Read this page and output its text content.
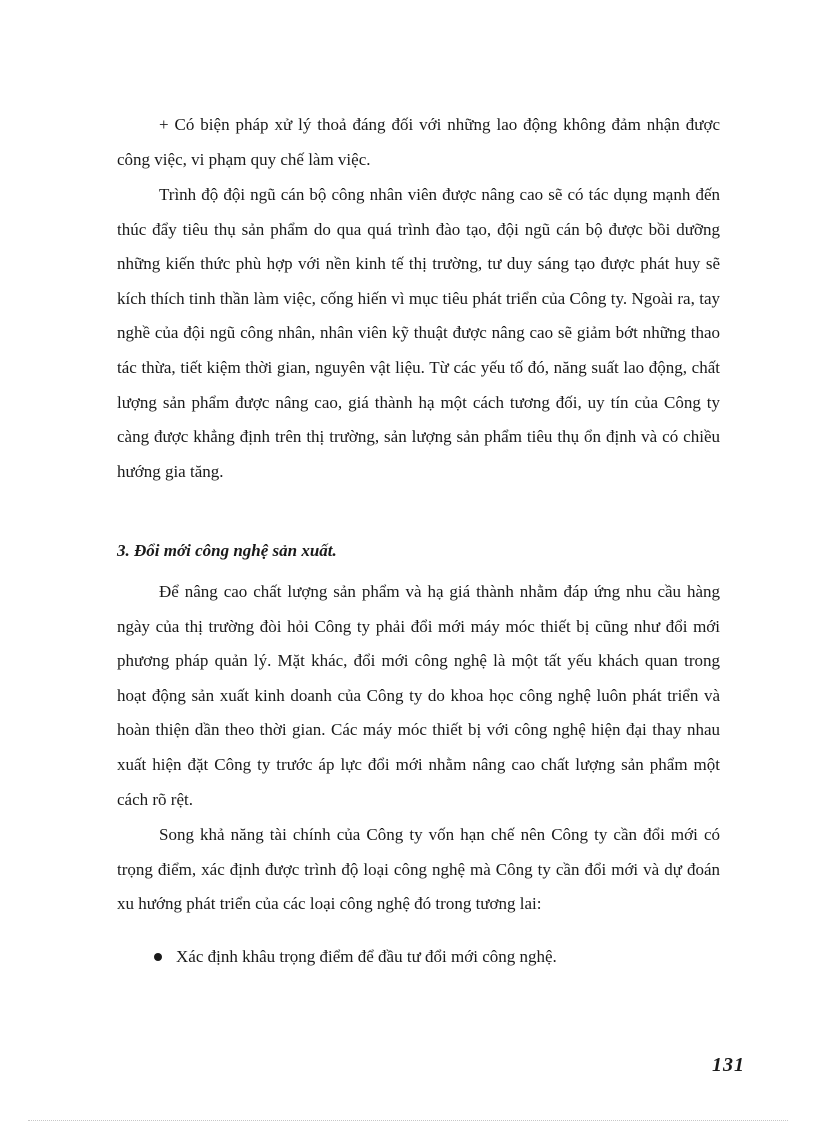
+ Có biện pháp xử lý thoả đáng đối với những lao động không đảm nhận được công việc, vi phạm quy chế làm việc.

Trình độ đội ngũ cán bộ công nhân viên được nâng cao sẽ có tác dụng mạnh đến thúc đẩy tiêu thụ sản phẩm do qua quá trình đào tạo, đội ngũ cán bộ được bồi dưỡng những kiến thức phù hợp với nền kinh tế thị trường, tư duy sáng tạo được phát huy sẽ kích thích tinh thần làm việc, cống hiến vì mục tiêu phát triển của Công ty. Ngoài ra, tay nghề của đội ngũ công nhân, nhân viên kỹ thuật được nâng cao sẽ giảm bớt những thao tác thừa, tiết kiệm thời gian, nguyên vật liệu. Từ các yếu tố đó, năng suất lao động, chất lượng sản phẩm được nâng cao, giá thành hạ một cách tương đối, uy tín của Công ty càng được khẳng định trên thị trường, sản lượng sản phẩm tiêu thụ ổn định và có chiều hướng gia tăng.

3. Đổi mới công nghệ sản xuất.

Để nâng cao chất lượng sản phẩm và hạ giá thành nhằm đáp ứng nhu cầu hàng ngày của thị trường đòi hỏi Công ty phải đổi mới máy móc thiết bị cũng như đổi mới phương pháp quản lý. Mặt khác, đổi mới công nghệ là một tất yếu khách quan trong hoạt động sản xuất kinh doanh của Công ty do khoa học công nghệ luôn phát triển và hoàn thiện dần theo thời gian. Các máy móc thiết bị với công nghệ hiện đại thay nhau xuất hiện đặt Công ty trước áp lực đổi mới nhằm nâng cao chất lượng sản phẩm một cách rõ rệt.

Song khả năng tài chính của Công ty vốn hạn chế nên Công ty cần đổi mới có trọng điểm, xác định được trình độ loại công nghệ mà Công ty cần đổi mới và dự đoán xu hướng phát triển của các loại công nghệ đó trong tương lai:

Xác định khâu trọng điểm để đầu tư đổi mới công nghệ.

131
